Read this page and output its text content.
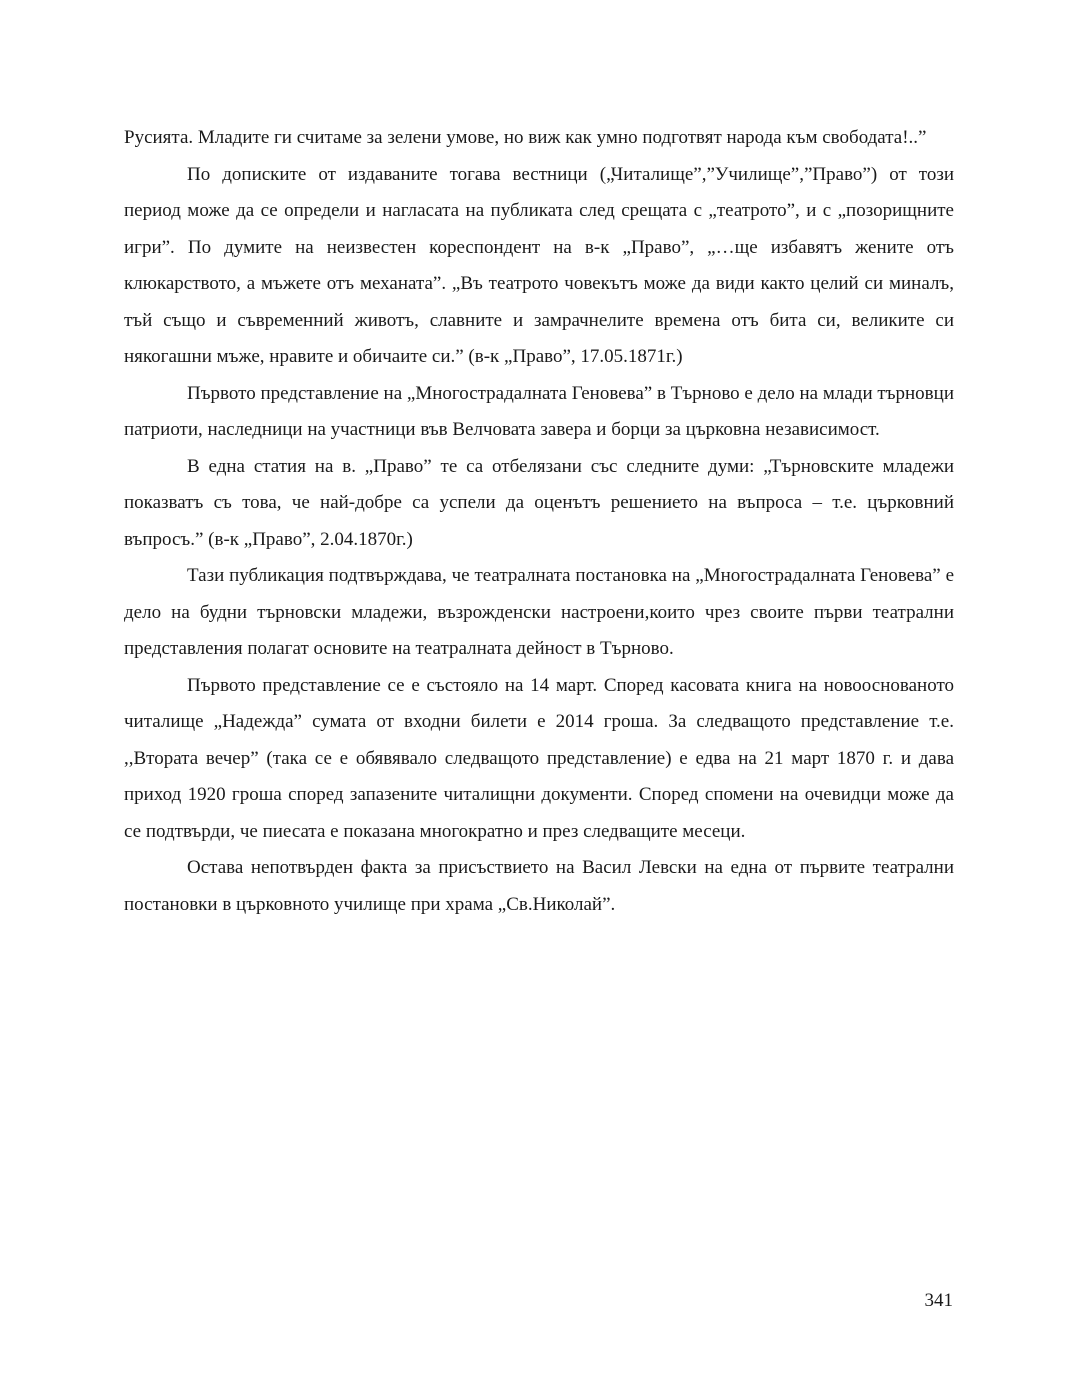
Русията. Младите ги считаме за зелени умове, но виж как умно подготвят народа към свободата!..”

По дописките от издаваните тогава вестници („Читалище”,”Училище”,”Право”) от този период може да се определи и нагласата на публиката след срещата с „театрото”, и с „позорищните игри”. По думите на неизвестен кореспондент на в-к „Право”, „…ще избавятъ жените отъ клюкарството, а мъжете отъ механата”. „Въ театрото човекътъ може да види както целий си миналъ, тъй също и съвременний животъ, славните и замрачнелите времена отъ бита си, великите си някогашни мъже, нравите и обичаите си.” (в-к „Право”, 17.05.1871г.)

Първото представление на „Многострадалната Геновева” в Търново е дело на млади търновци патриоти, наследници на участници във Велчовата завера и борци за църковна независимост.

В една статия на в. „Право” те са отбелязани със следните думи: „Търновските младежи показватъ съ това, че най-добре са успели да оценътъ решението на въпроса – т.е. църковний въпросъ.” (в-к „Право”, 2.04.1870г.)

Тази публикация подтвърждава, че театралната постановка на „Многострадалната Геновева” е дело на будни търновски младежи, възрожденски настроени,които чрез своите първи театрални представления полагат основите на театралната дейност в Търново.

Първото представление се е състояло на 14 март. Според касовата книга на новооснованото читалище „Надежда” сумата от входни билети е 2014 гроша. За следващото представление т.е. ,,Втората вечер” (така се е обявявало следващото представление) е едва на 21 март 1870 г. и дава приход 1920 гроша според запазените читалищни документи. Според спомени на очевидци може да се подтвърди, че пиесата е показана многократно и през следващите месеци.

Остава непотвърден факта за присъствието на Васил Левски на една от първите театрални постановки в църковното училище при храма „Св.Николай”.

341
